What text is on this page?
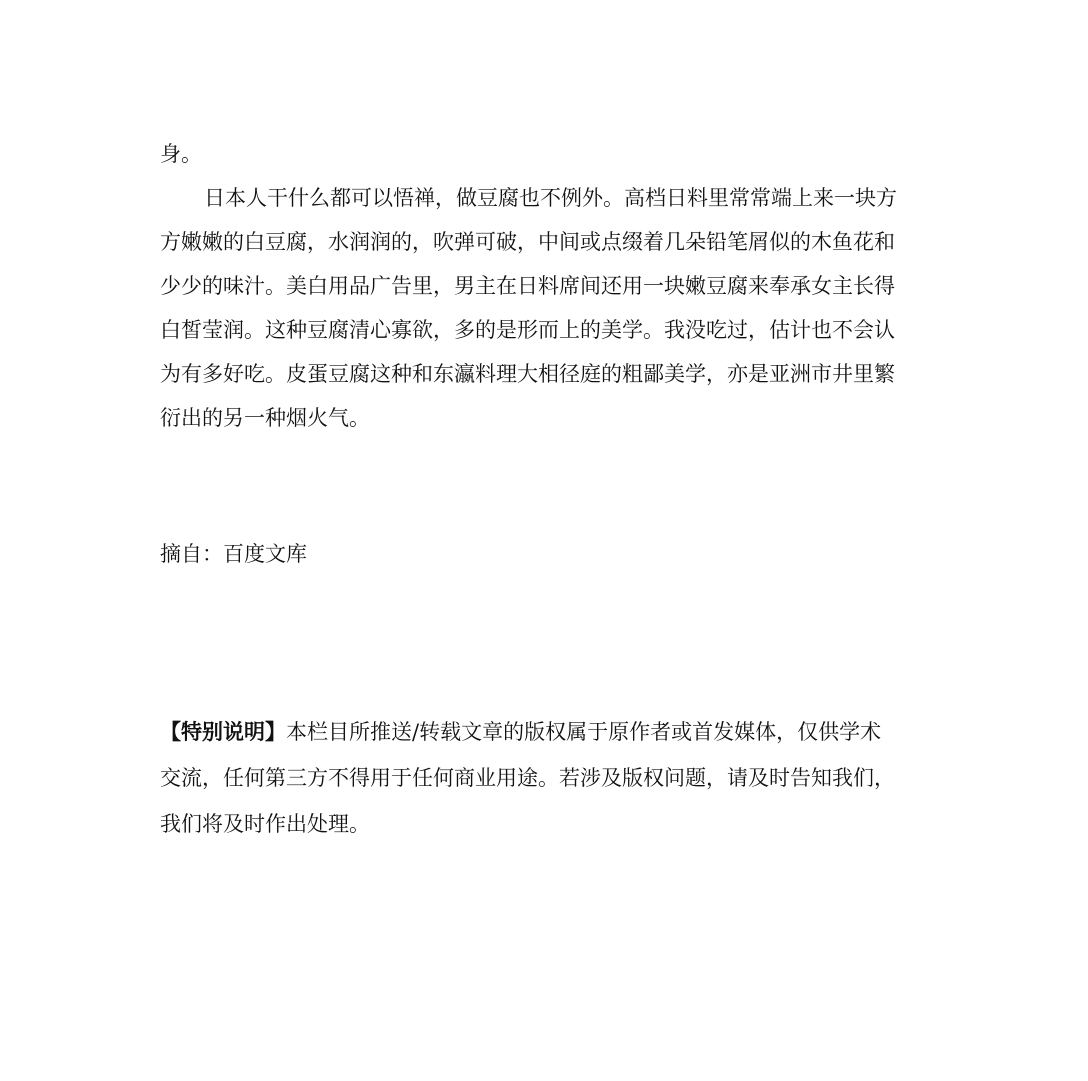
身。
日本人干什么都可以悟禅，做豆腐也不例外。高档日料里常常端上来一块方
方嫩嫩的白豆腐，水润润的，吹弹可破，中间或点缀着几朵铅笔屑似的木鱼花和
少少的味汁。美白用品广告里，男主在日料席间还用一块嫩豆腐来奉承女主长得
白皙莹润。这种豆腐清心寡欲，多的是形而上的美学。我没吃过，估计也不会认
为有多好吃。皮蛋豆腐这种和东瀛料理大相径庭的粗鄙美学，亦是亚洲市井里繁
衍出的另一种烟火气。
摘自：百度文库
【特别说明】本栏目所推送/转载文章的版权属于原作者或首发媒体，仅供学术
交流，任何第三方不得用于任何商业用途。若涉及版权问题，请及时告知我们，
我们将及时作出处理。
